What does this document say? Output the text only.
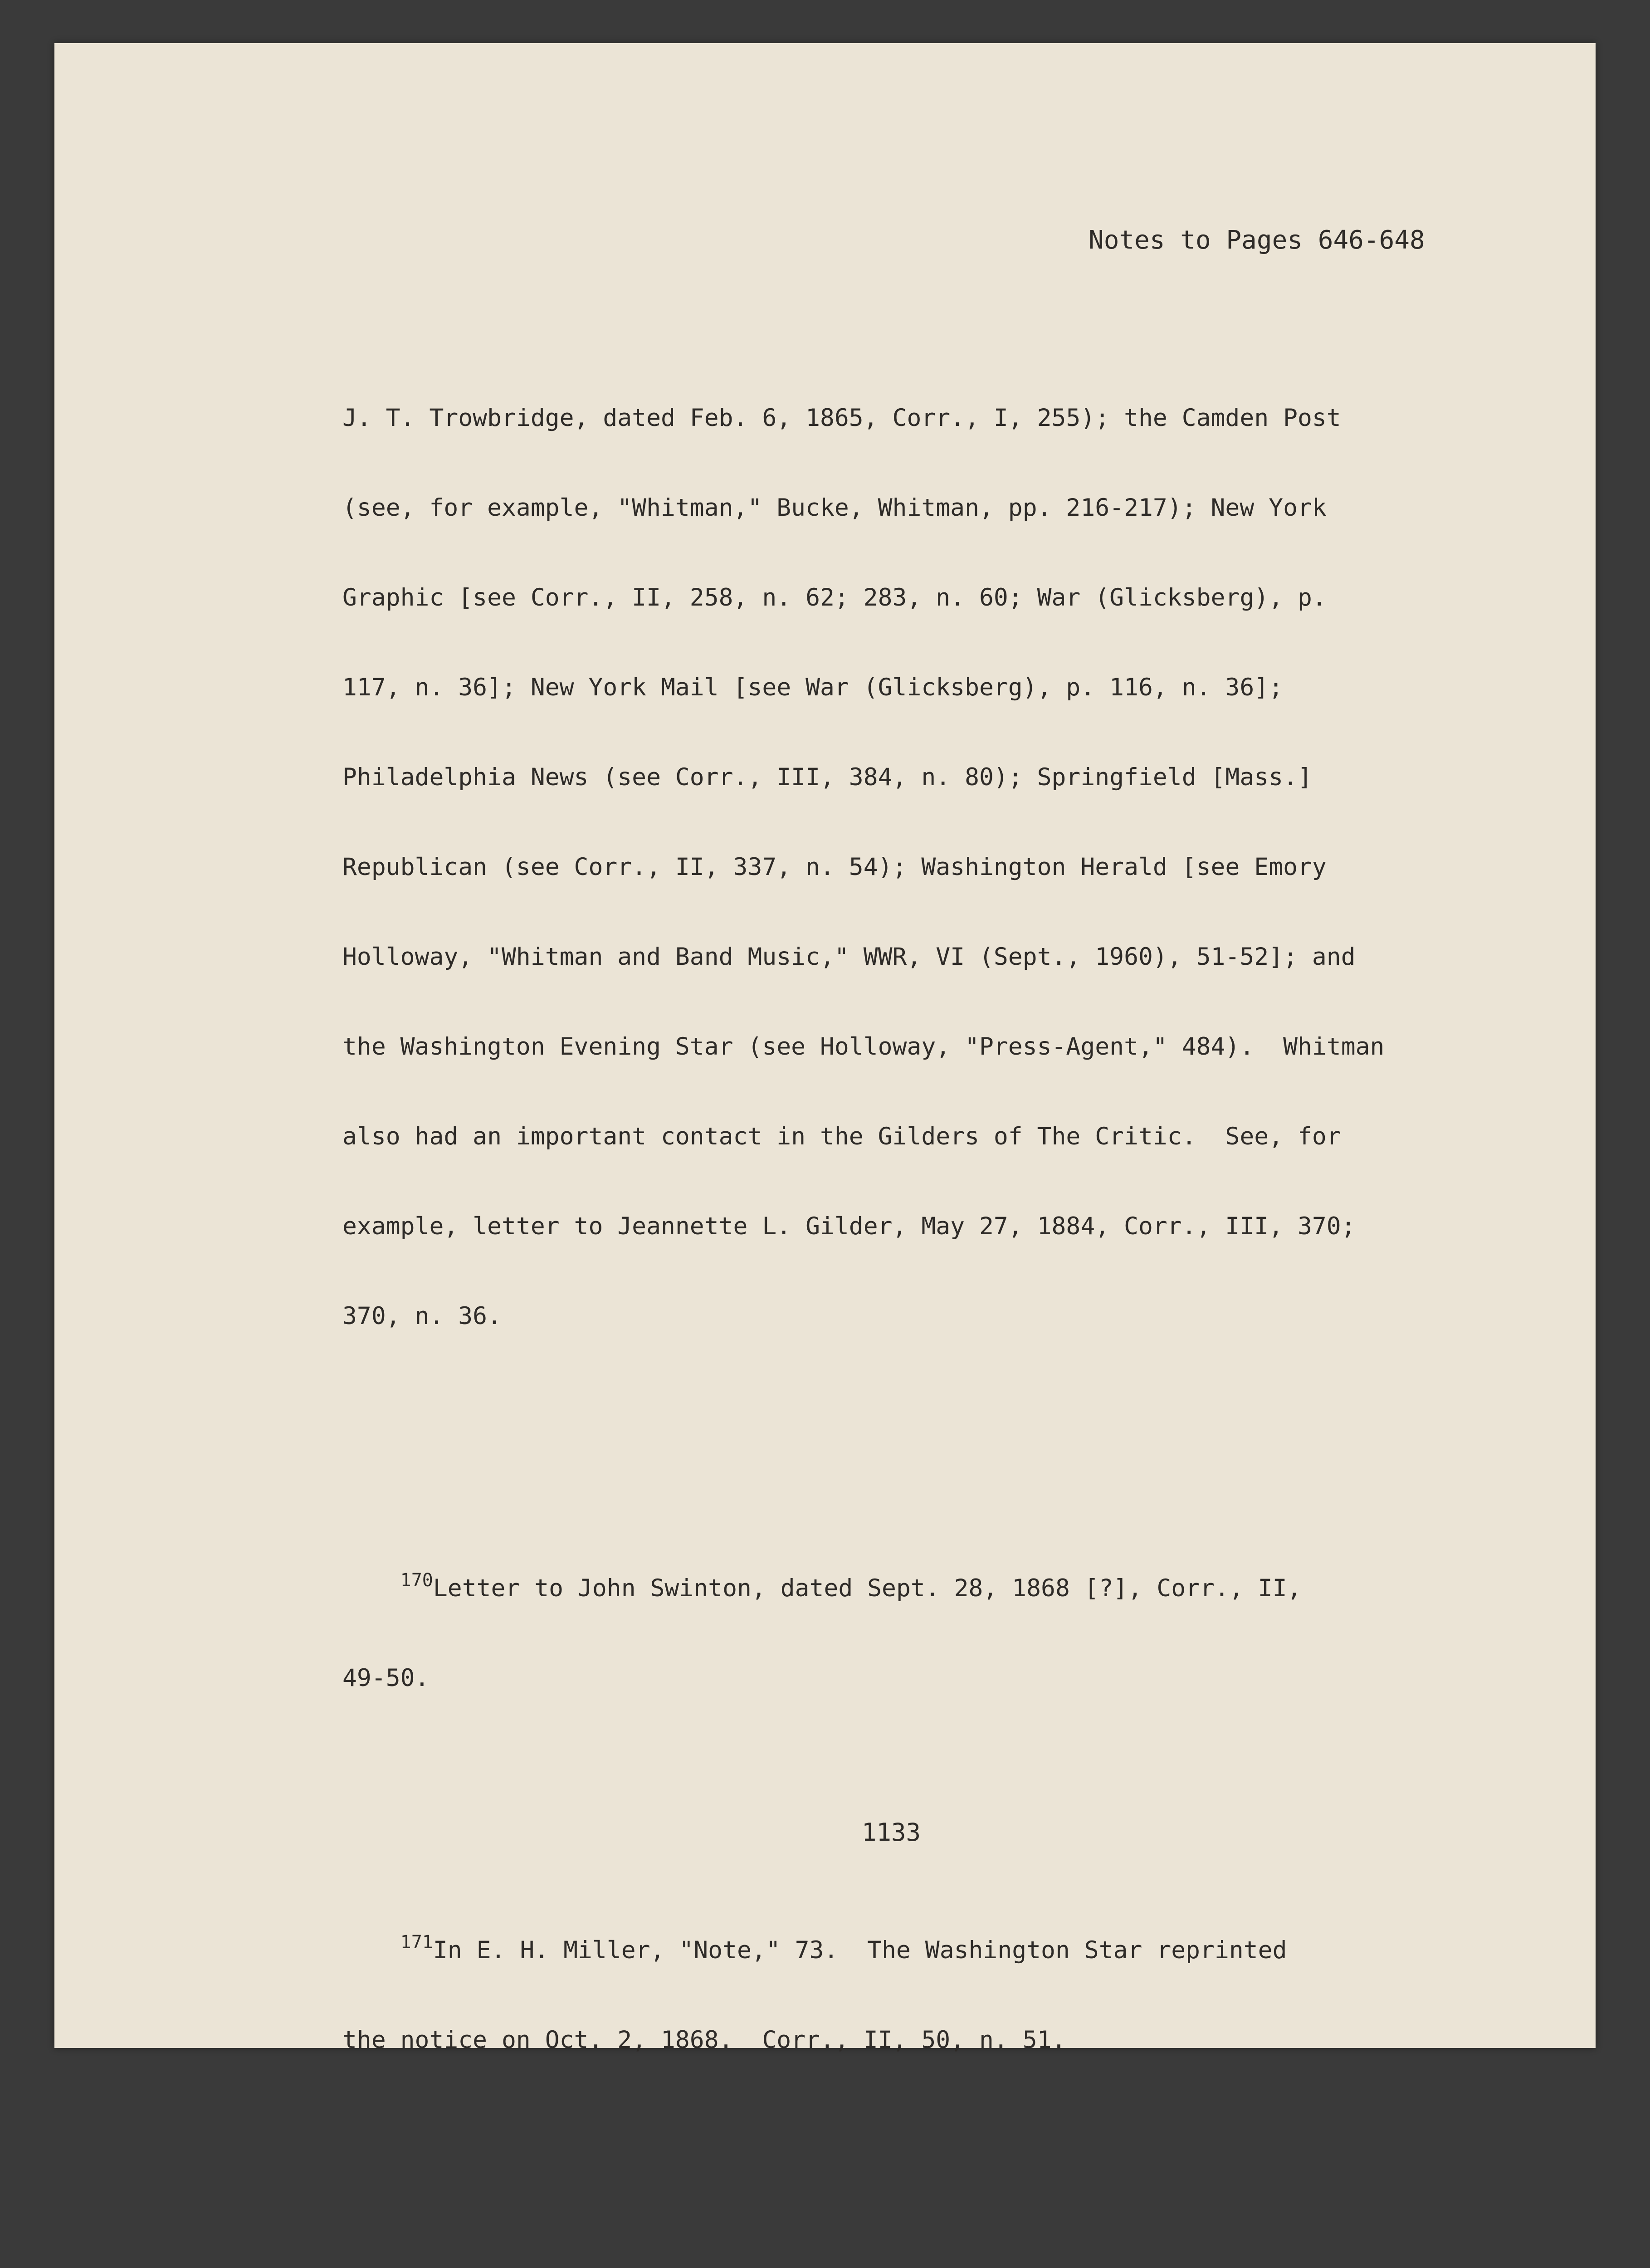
Notes to Pages 646-648

J. T. Trowbridge, dated Feb. 6, 1865, Corr., I, 255); the Camden Post

(see, for example, "Whitman," Bucke, Whitman, pp. 216-217); New York

Graphic [see Corr., II, 258, n. 62; 283, n. 60; War (Glicksberg), p.

117, n. 36]; New York Mail [see War (Glicksberg), p. 116, n. 36];

Philadelphia News (see Corr., III, 384, n. 80); Springfield [Mass.]

Republican (see Corr., II, 337, n. 54); Washington Herald [see Emory

Holloway, "Whitman and Band Music," WWR, VI (Sept., 1960), 51-52]; and

the Washington Evening Star (see Holloway, "Press-Agent," 484).  Whitman

also had an important contact in the Gilders of The Critic.  See, for

example, letter to Jeannette L. Gilder, May 27, 1884, Corr., III, 370;

370, n. 36.

$^{170}$Letter to John Swinton, dated Sept. 28, 1868 [?], Corr., II,

49-50.

$^{171}$In E. H. Miller, "Note," 73.  The Washington Star reprinted

the notice on Oct. 2, 1868.  Corr., II, 50, n. 51.

1133
